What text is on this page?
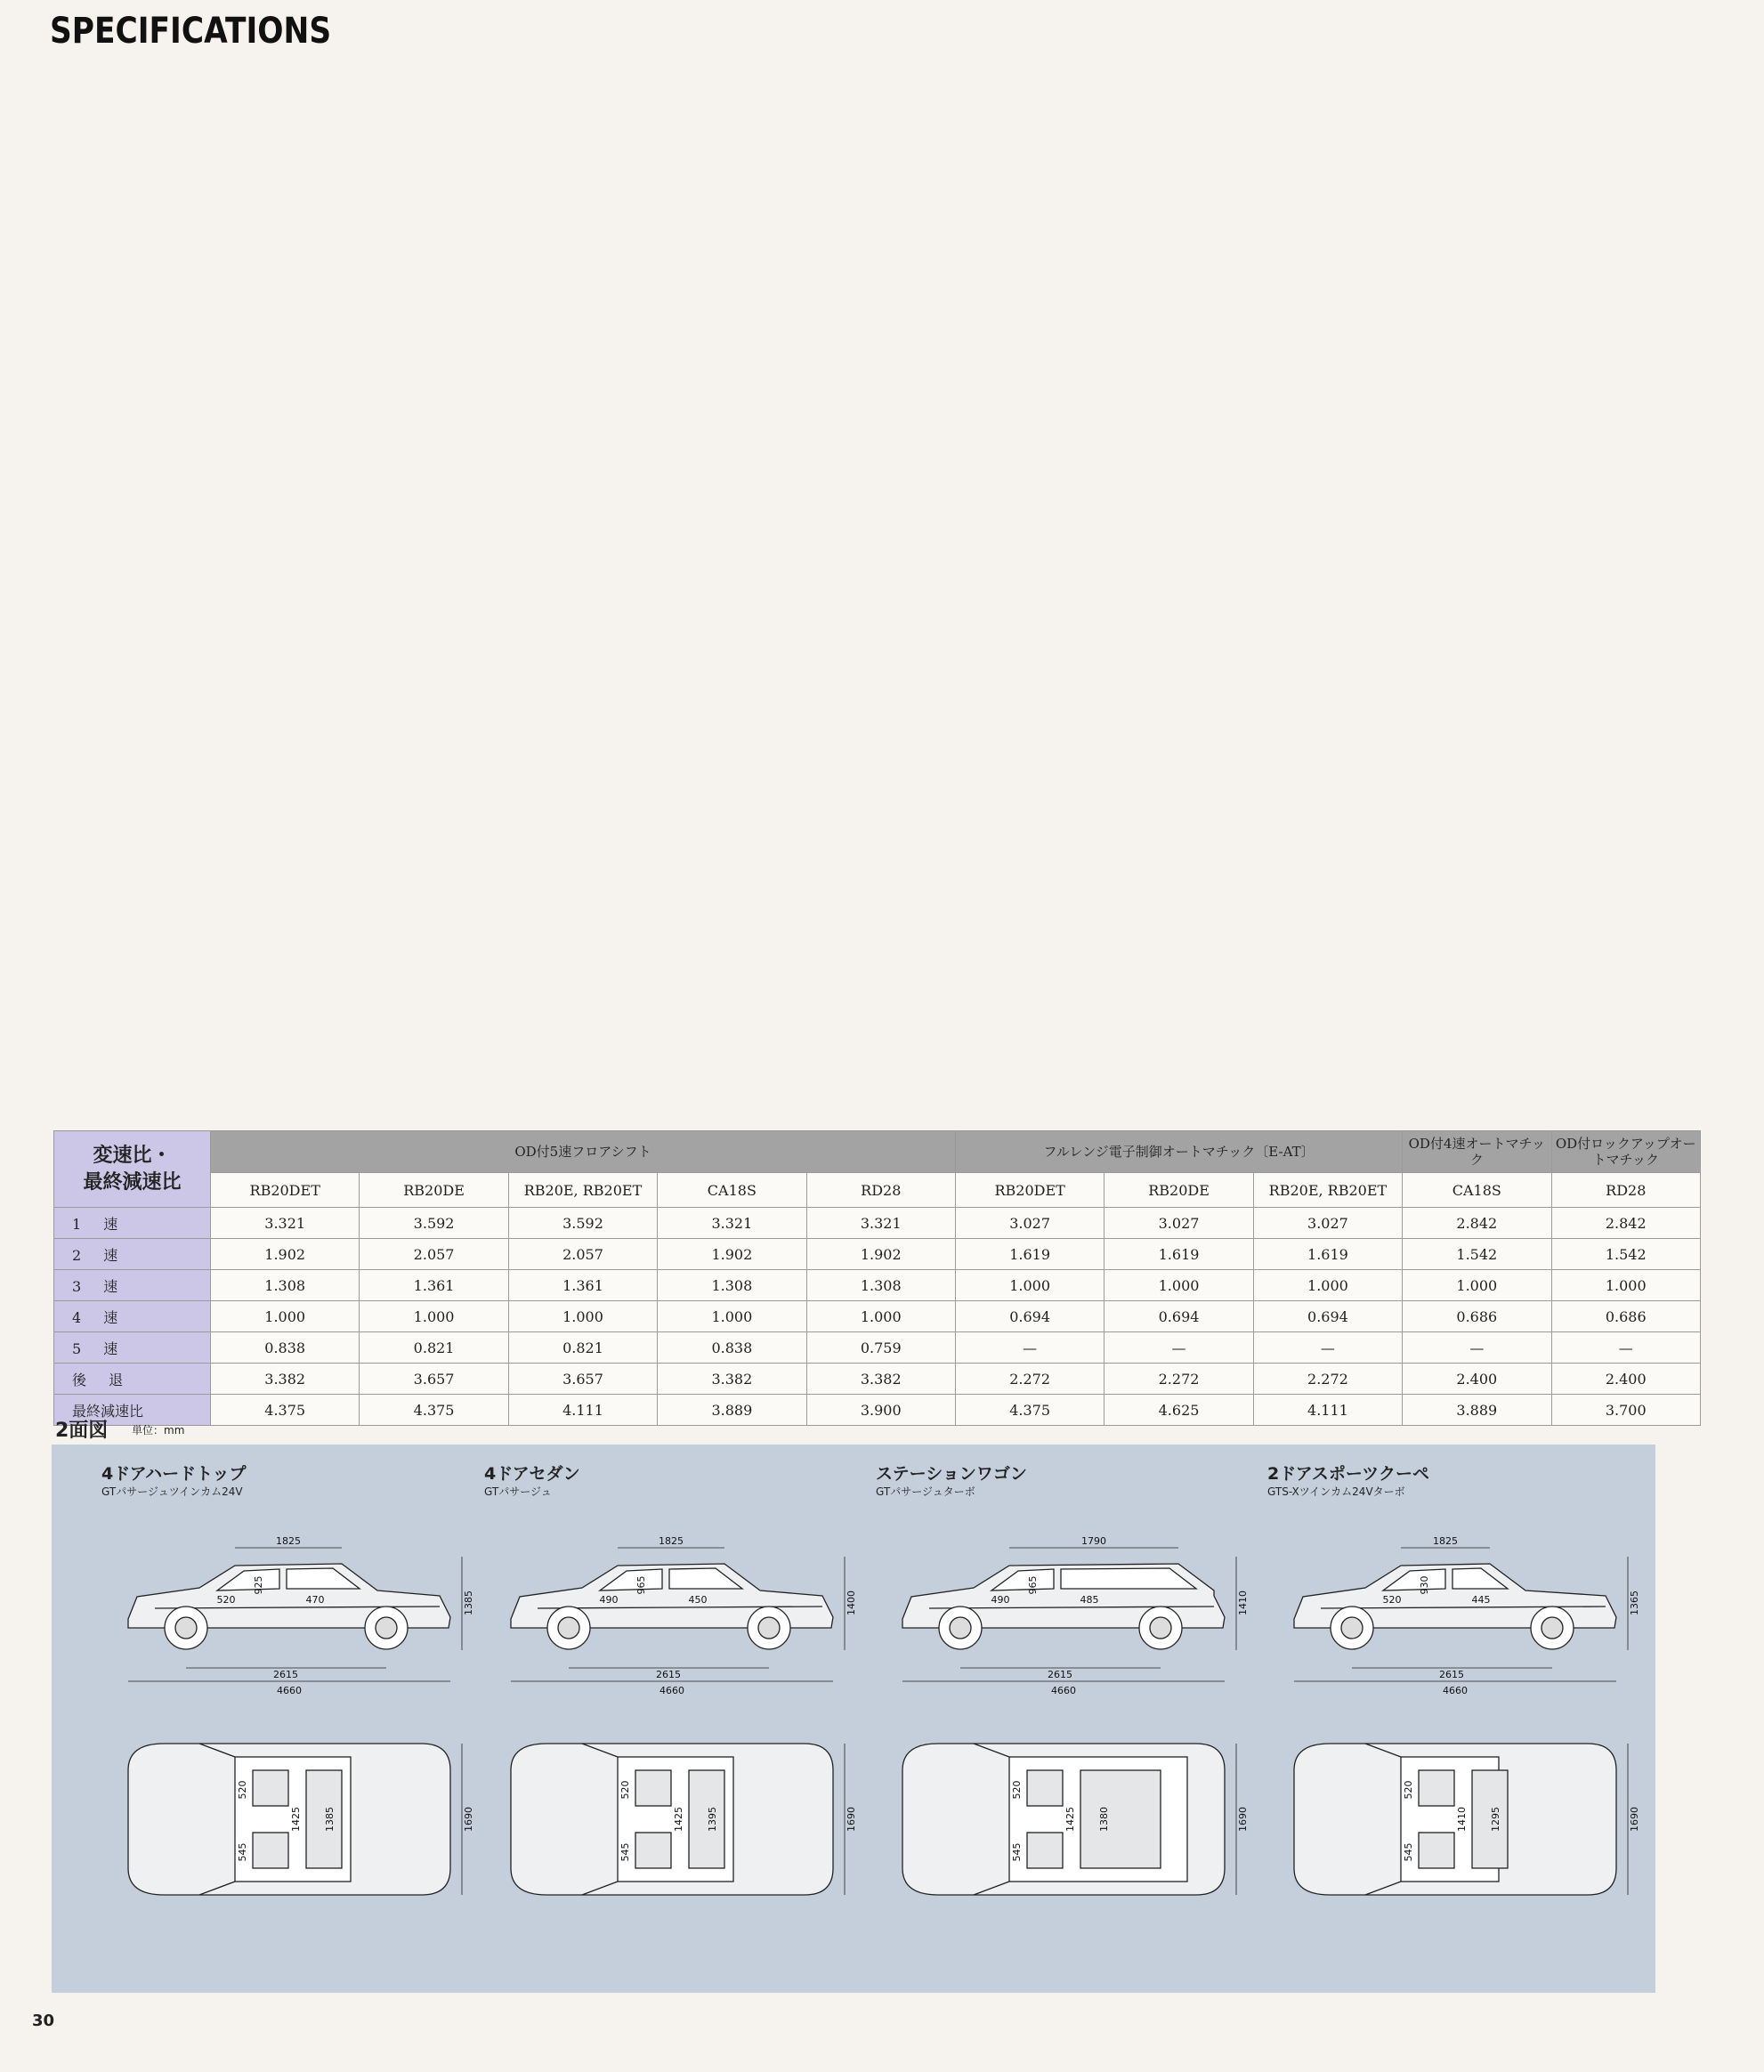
SPECIFICATIONS
変速比・
最終減速比	OD付5速フロアシフト					フルレンジ電子制御オートマチック〔E-AT〕			OD付4速オートマチック	OD付ロックアップオートマチック
	RB20DET	RB20DE	RB20E, RB20ET	CA18S	RD28	RB20DET	RB20DE	RB20E, RB20ET	CA18S	RD28
1 速	3.321	3.592	3.592	3.321	3.321	3.027	3.027	3.027	2.842	2.842
2 速	1.902	2.057	2.057	1.902	1.902	1.619	1.619	1.619	1.542	1.542
3 速	1.308	1.361	1.361	1.308	1.308	1.000	1.000	1.000	1.000	1.000
4 速	1.000	1.000	1.000	1.000	1.000	0.694	0.694	0.694	0.686	0.686
5 速	0.838	0.821	0.821	0.838	0.759	—	—	—	—	—
後 退	3.382	3.657	3.657	3.382	3.382	2.272	2.272	2.272	2.400	2.400
最終減速比	4.375	4.375	4.111	3.889	3.900	4.375	4.625	4.111	3.889	3.700
2面図 単位：mm
4ドアハードトップ
GTパサージュツインカム24V
1825
2615
4660
1385
925
520	470
1690
520
545
1425 1385
4ドアセダン
GTパサージュ
1825
2615
4660
1400
965
490	450
1690
520
545
1425 1395
ステーションワゴン
GTパサージュターボ
1790
2615
4660
1410
965
490	485
1690
520
545
1425 1380
2ドアスポーツクーペ
GTS-Xツインカム24Vターボ
1825
2615
4660
1365
930
520	445
1690
520
545
1410 1295
30
